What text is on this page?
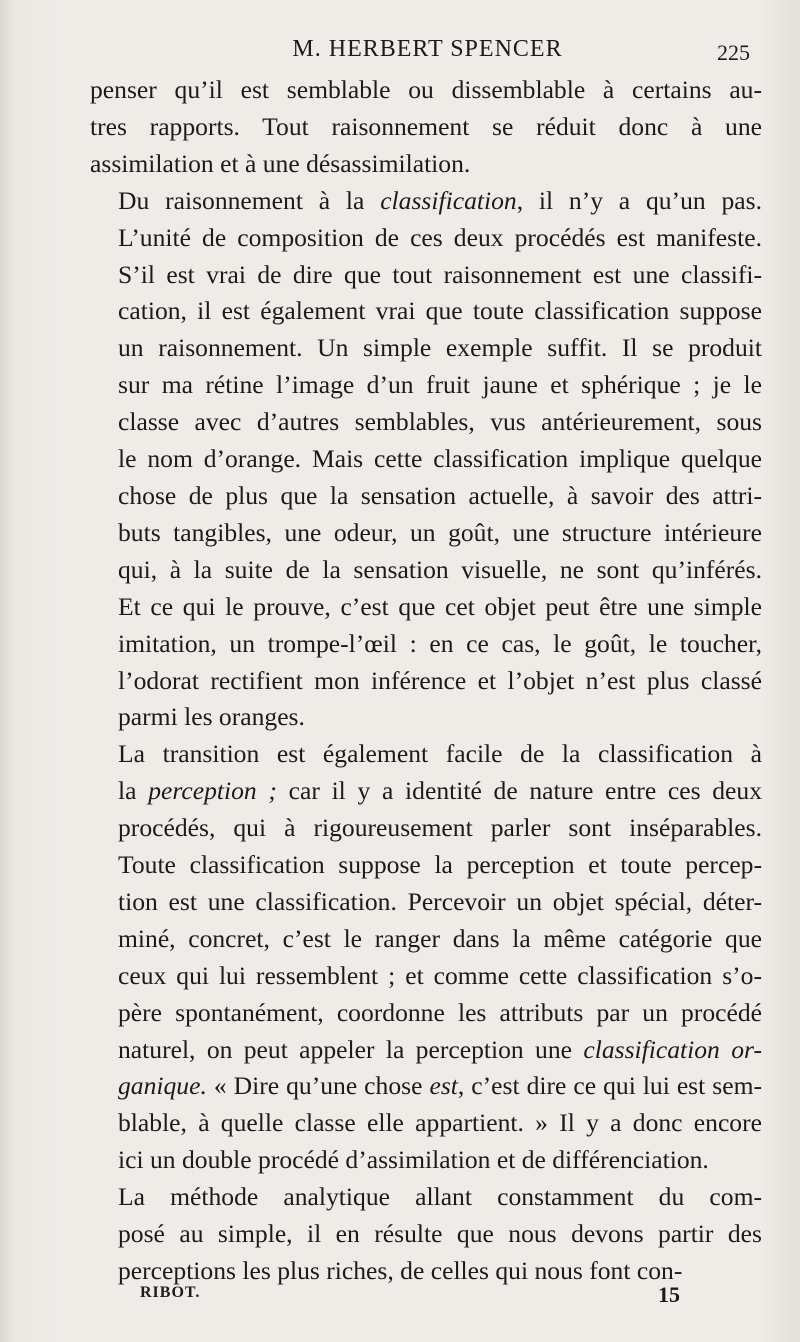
M. HERBERT SPENCER	225
penser qu’il est semblable ou dissemblable à certains au-
tres rapports. Tout raisonnement se réduit donc à une
assimilation et à une désassimilation.
Du raisonnement à la classification, il n’y a qu’un pas.
L’unité de composition de ces deux procédés est manifeste.
S’il est vrai de dire que tout raisonnement est une classifi-
cation, il est également vrai que toute classification suppose
un raisonnement. Un simple exemple suffit. Il se produit
sur ma rétine l’image d’un fruit jaune et sphérique ; je le
classe avec d’autres semblables, vus antérieurement, sous
le nom d’orange. Mais cette classification implique quelque
chose de plus que la sensation actuelle, à savoir des attri-
buts tangibles, une odeur, un goût, une structure intérieure
qui, à la suite de la sensation visuelle, ne sont qu’inférés.
Et ce qui le prouve, c’est que cet objet peut être une simple
imitation, un trompe-l’œil : en ce cas, le goût, le toucher,
l’odorat rectifient mon inférence et l’objet n’est plus classé
parmi les oranges.
La transition est également facile de la classification à
la perception ; car il y a identité de nature entre ces deux
procédés, qui à rigoureusement parler sont inséparables.
Toute classification suppose la perception et toute percep-
tion est une classification. Percevoir un objet spécial, déter-
miné, concret, c’est le ranger dans la même catégorie que
ceux qui lui ressemblent ; et comme cette classification s’o-
père spontanément, coordonne les attributs par un procédé
naturel, on peut appeler la perception une classification or-
ganique. « Dire qu’une chose est, c’est dire ce qui lui est sem-
blable, à quelle classe elle appartient. » Il y a donc encore
ici un double procédé d’assimilation et de différenciation.
La méthode analytique allant constamment du com-
posé au simple, il en résulte que nous devons partir des
perceptions les plus riches, de celles qui nous font con-
RIBOT.	15
